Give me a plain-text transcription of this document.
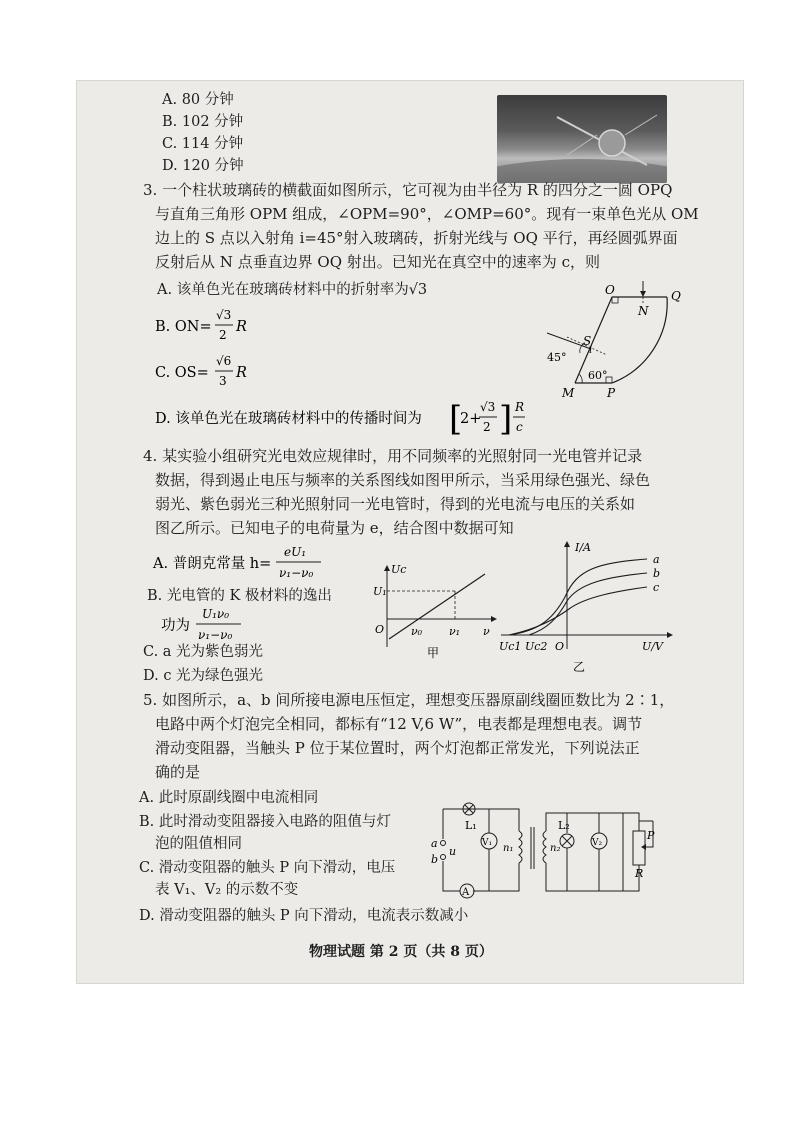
A. 80 分钟
B. 102 分钟
C. 114 分钟
D. 120 分钟
3. 一个柱状玻璃砖的横截面如图所示，它可视为由半径为 R 的四分之一圆 OPQ
与直角三角形 OPM 组成，∠OPM=90°，∠OMP=60°。现有一束单色光从 OM
边上的 S 点以入射角 i=45°射入玻璃砖，折射光线与 OQ 平行，再经圆弧界面
反射后从 N 点垂直边界 OQ 射出。已知光在真空中的速率为 c，则
A. 该单色光在玻璃砖材料中的折射率为√3
B. ON=
√3
2 R
C. OS=
√6
3 R
D. 该单色光在玻璃砖材料中的传播时间为 [
2+
√3
2 ] R
c
O
N
Q
S
i
45°
60°
M	P
4. 某实验小组研究光电效应规律时，用不同频率的光照射同一光电管并记录
数据，得到遏止电压与频率的关系图线如图甲所示，当采用绿色强光、绿色
弱光、紫色弱光三种光照射同一光电管时，得到的光电流与电压的关系如
图乙所示。已知电子的电荷量为 e，结合图中数据可知
A. 普朗克常量 h=
eU₁
ν₁−ν₀
B. 光电管的 K 极材料的逸出
功为
U₁ν₀
ν₁−ν₀
C. a 光为紫色弱光
D. c 光为绿色强光
Uc
U₁
O ν₀ ν₁ ν
甲
I/A
a
b
c
Uc1 Uc2 O	U/V
乙
5. 如图所示，a、b 间所接电源电压恒定，理想变压器原副线圈匝数比为 2∶1，
电路中两个灯泡完全相同，都标有“12 V,6 W”，电表都是理想电表。调节
滑动变阻器，当触头 P 位于某位置时，两个灯泡都正常发光，下列说法正
确的是
A. 此时原副线圈中电流相同
B. 此时滑动变阻器接入电路的阻值与灯
泡的阻值相同
C. 滑动变阻器的触头 P 向下滑动，电压
表 V₁、V₂ 的示数不变
D. 滑动变阻器的触头 P 向下滑动，电流表示数减小
a
b
u
L₁
V₁
A
n₁	n₂
L₂
V₂
P
R
物理试题 第 2 页（共 8 页）
